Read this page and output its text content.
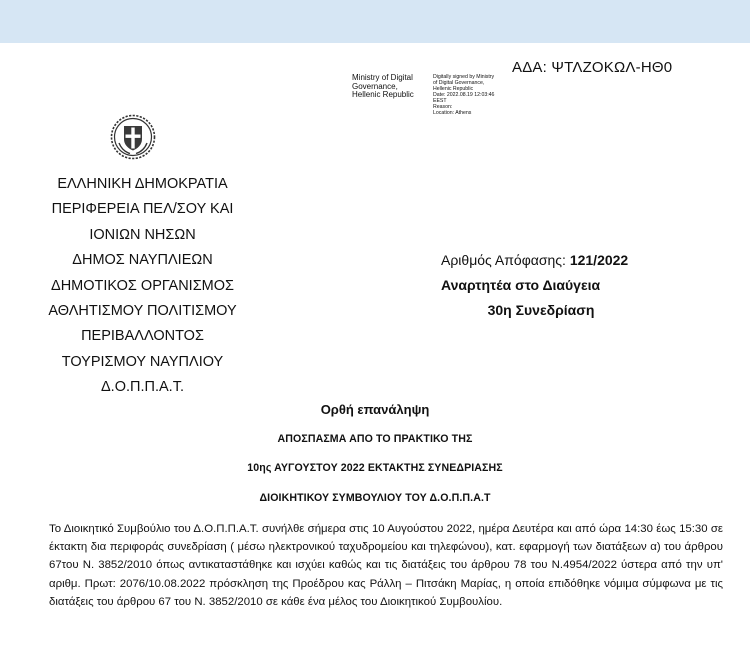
ΑΔΑ: ΨΤΛΖΟΚΩΛ-ΗΘ0
Ministry of Digital
Governance,
Hellenic Republic
Digitally signed by Ministry
of Digital Governance,
Hellenic Republic
Date: 2022.08.19 12:03:46
EEST
Reason:
Location: Athens
ΕΛΛΗΝΙΚΗ ΔΗΜΟΚΡΑΤΙΑ
ΠΕΡΙΦΕΡΕΙΑ ΠΕΛ/ΣΟΥ ΚΑΙ
ΙΟΝΙΩΝ ΝΗΣΩΝ
ΔΗΜΟΣ ΝΑΥΠΛΙΕΩΝ
ΔΗΜΟΤΙΚΟΣ ΟΡΓΑΝΙΣΜΟΣ
ΑΘΛΗΤΙΣΜΟΥ ΠΟΛΙΤΙΣΜΟΥ
ΠΕΡΙΒΑΛΛΟΝΤΟΣ
ΤΟΥΡΙΣΜΟΥ ΝΑΥΠΛΙΟΥ
Δ.Ο.Π.Π.Α.Τ.
Αριθμός Απόφασης: 121/2022
Αναρτητέα στο Διαύγεια
30η Συνεδρίαση
Ορθή επανάληψη
ΑΠΟΣΠΑΣΜΑ ΑΠΟ ΤΟ ΠΡΑΚΤΙΚΟ ΤΗΣ
10ης ΑΥΓΟΥΣΤΟΥ 2022 ΕΚΤΑΚΤΗΣ ΣΥΝΕΔΡΙΑΣΗΣ
ΔΙΟΙΚΗΤΙΚΟΥ ΣΥΜΒΟΥΛΙΟΥ ΤΟΥ Δ.Ο.Π.Π.Α.Τ
Το Διοικητικό Συμβούλιο του Δ.Ο.Π.Π.Α.Τ. συνήλθε σήμερα στις 10 Αυγούστου 2022, ημέρα Δευτέρα και από ώρα 14:30 έως 15:30 σε έκτακτη δια περιφοράς συνεδρίαση ( μέσω ηλεκτρονικού ταχυδρομείου και τηλεφώνου), κατ. εφαρμογή των διατάξεων α) του άρθρου 67του Ν. 3852/2010 όπως αντικαταστάθηκε και ισχύει καθώς και τις διατάξεις του άρθρου 78 του Ν.4954/2022 ύστερα από την υπ' αριθμ. Πρωτ: 2076/10.08.2022 πρόσκληση της Προέδρου κας Ράλλη – Πιτσάκη Μαρίας, η οποία επιδόθηκε νόμιμα σύμφωνα με τις διατάξεις του άρθρου 67 του Ν. 3852/2010 σε κάθε ένα μέλος του Διοικητικού Συμβουλίου.
